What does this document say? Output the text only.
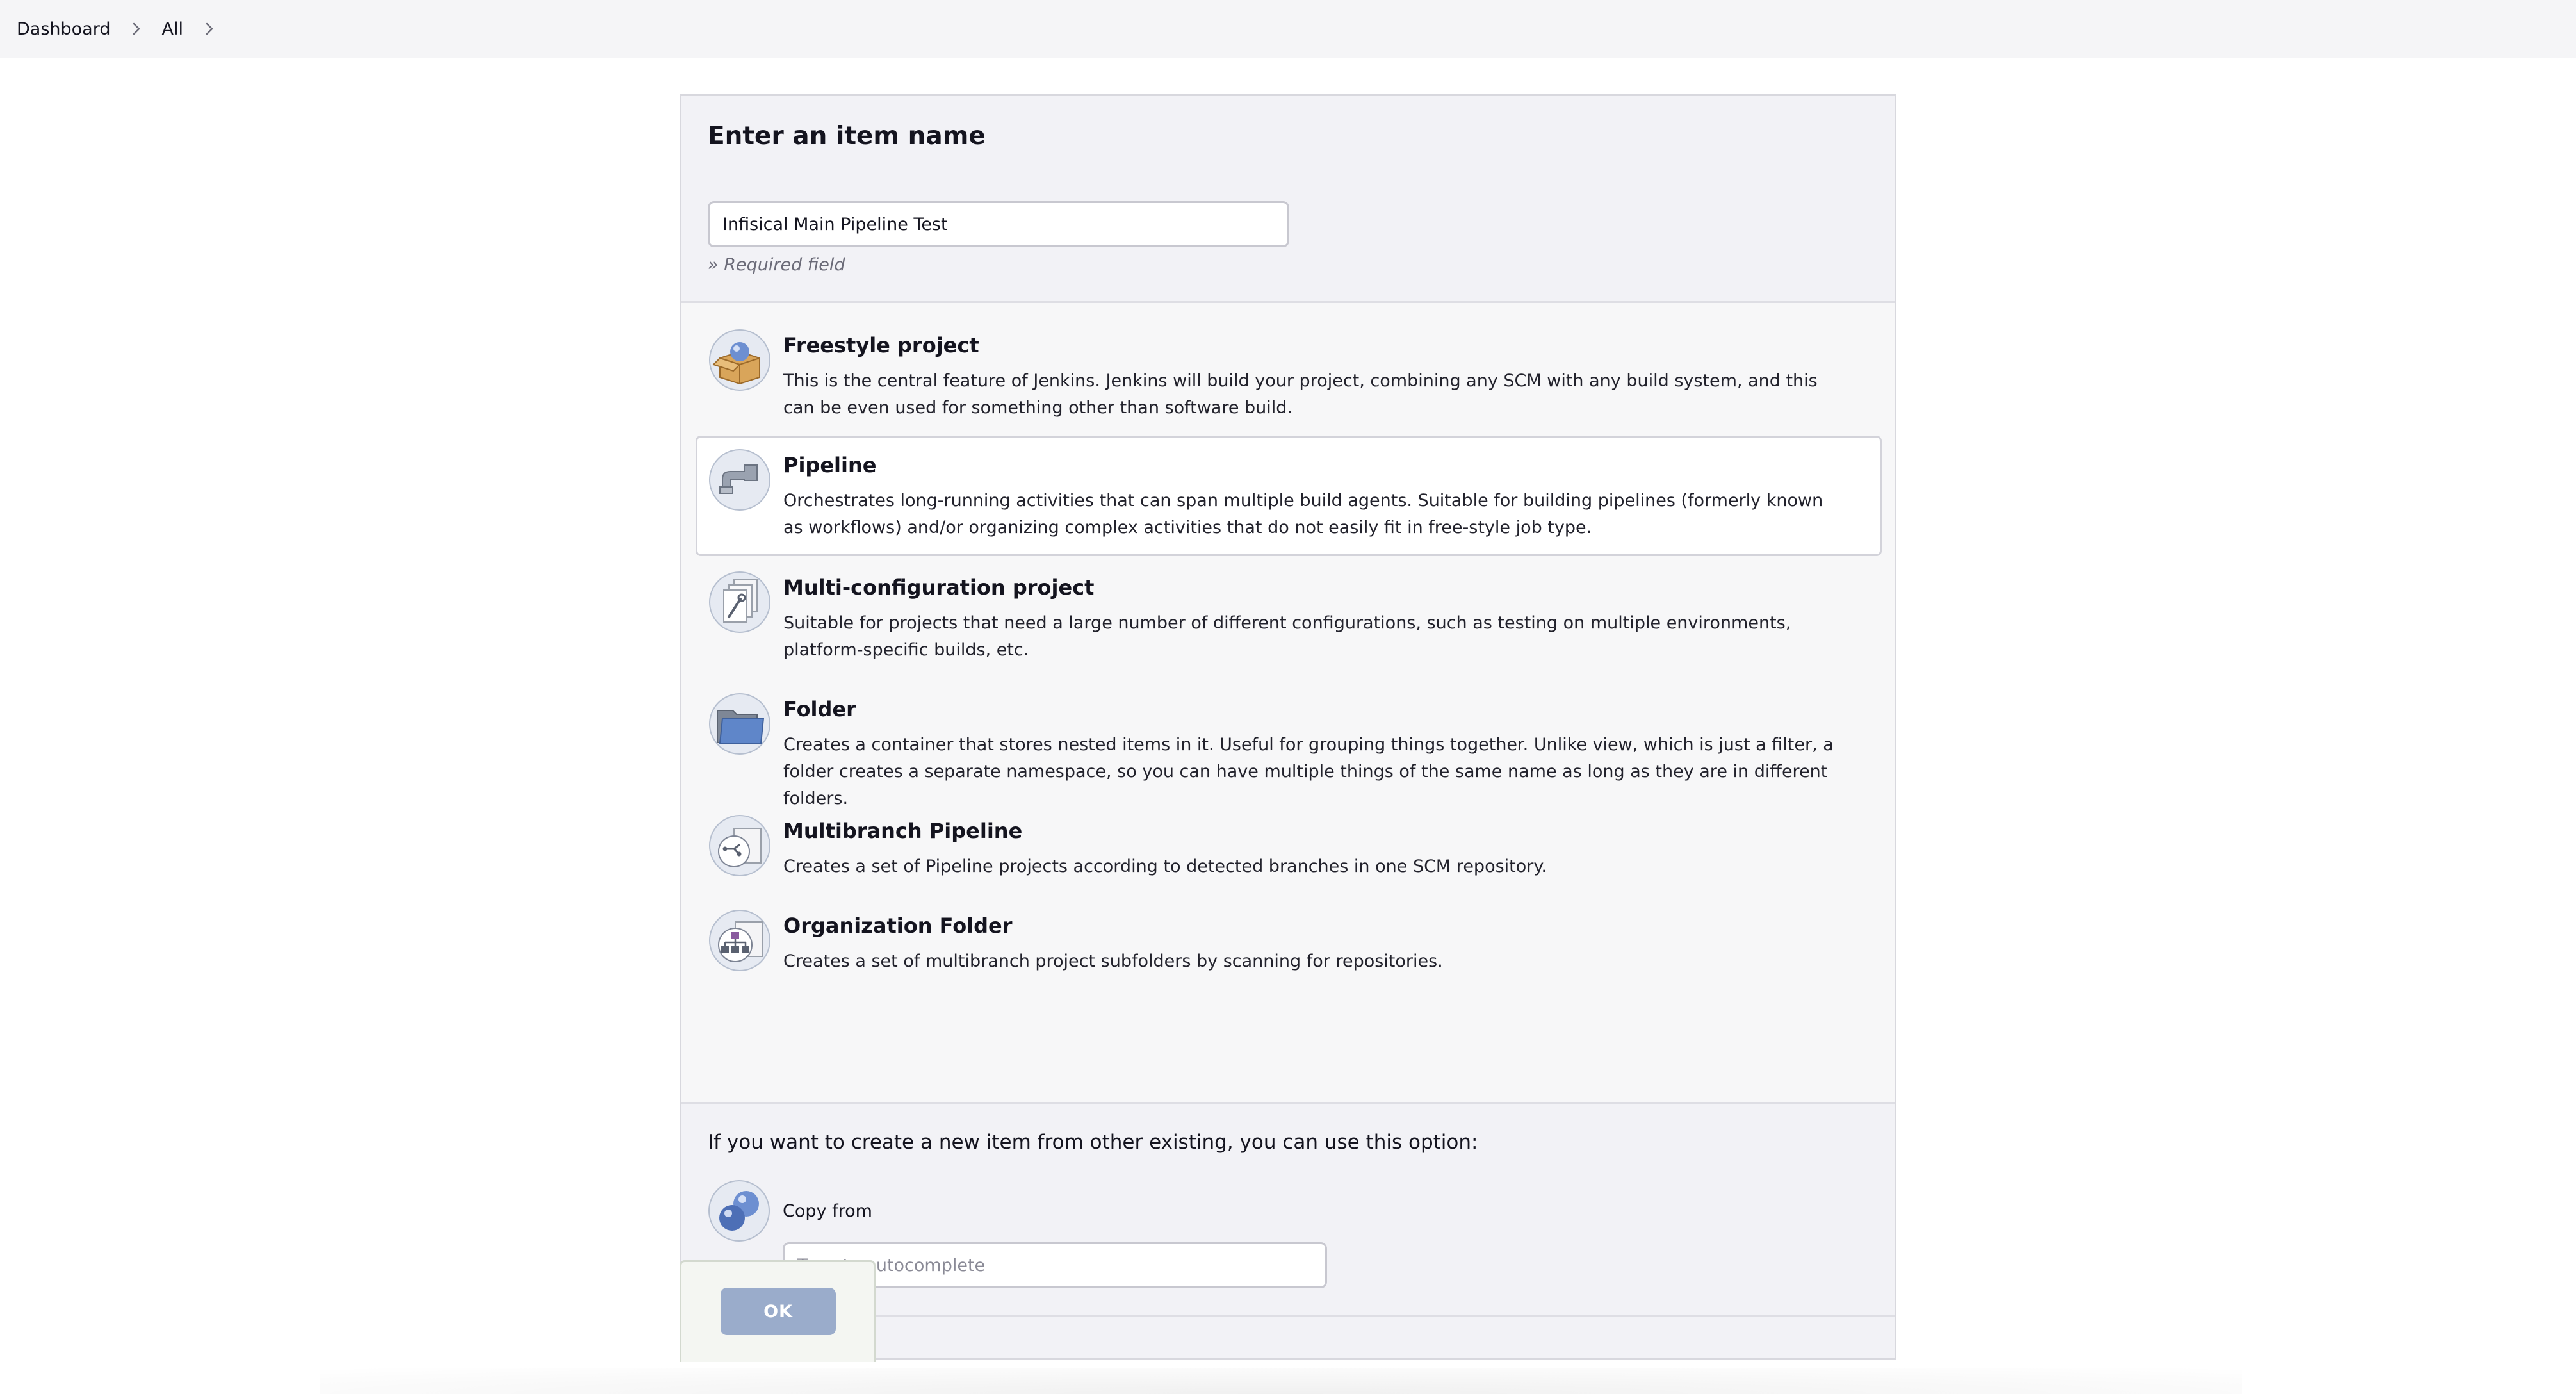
Dashboard	All
Enter an item name
Infisical Main Pipeline Test
» Required field
Freestyle project
This is the central feature of Jenkins. Jenkins will build your project, combining any SCM with any build system, and this can be even used for something other than software build.
Pipeline
Orchestrates long-running activities that can span multiple build agents. Suitable for building pipelines (formerly known as workflows) and/or organizing complex activities that do not easily fit in free-style job type.
Multi-configuration project
Suitable for projects that need a large number of different configurations, such as testing on multiple environments, platform-specific builds, etc.
Folder
Creates a container that stores nested items in it. Useful for grouping things together. Unlike view, which is just a filter, a folder creates a separate namespace, so you can have multiple things of the same name as long as they are in different folders.
Multibranch Pipeline
Creates a set of Pipeline projects according to detected branches in one SCM repository.
Organization Folder
Creates a set of multibranch project subfolders by scanning for repositories.
If you want to create a new item from other existing, you can use this option:
Copy from
Type to autocomplete
OK
